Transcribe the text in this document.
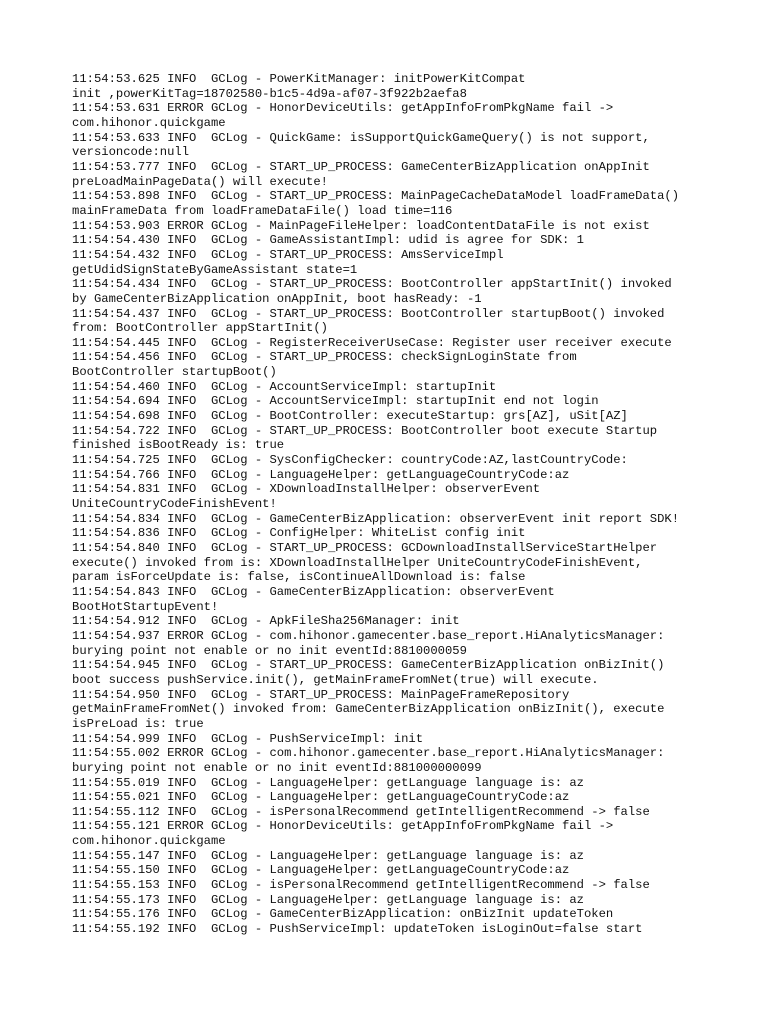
11:54:53.625 INFO  GCLog - PowerKitManager: initPowerKitCompat
init ,powerKitTag=18702580-b1c5-4d9a-af07-3f922b2aefa8
11:54:53.631 ERROR GCLog - HonorDeviceUtils: getAppInfoFromPkgName fail ->
com.hihonor.quickgame
11:54:53.633 INFO  GCLog - QuickGame: isSupportQuickGameQuery() is not support,
versioncode:null
11:54:53.777 INFO  GCLog - START_UP_PROCESS: GameCenterBizApplication onAppInit
preLoadMainPageData() will execute!
11:54:53.898 INFO  GCLog - START_UP_PROCESS: MainPageCacheDataModel loadFrameData()
mainFrameData from loadFrameDataFile() load time=116
11:54:53.903 ERROR GCLog - MainPageFileHelper: loadContentDataFile is not exist
11:54:54.430 INFO  GCLog - GameAssistantImpl: udid is agree for SDK: 1
11:54:54.432 INFO  GCLog - START_UP_PROCESS: AmsServiceImpl
getUdidSignStateByGameAssistant state=1
11:54:54.434 INFO  GCLog - START_UP_PROCESS: BootController appStartInit() invoked
by GameCenterBizApplication onAppInit, boot hasReady: -1
11:54:54.437 INFO  GCLog - START_UP_PROCESS: BootController startupBoot() invoked
from: BootController appStartInit()
11:54:54.445 INFO  GCLog - RegisterReceiverUseCase: Register user receiver execute
11:54:54.456 INFO  GCLog - START_UP_PROCESS: checkSignLoginState from
BootController startupBoot()
11:54:54.460 INFO  GCLog - AccountServiceImpl: startupInit
11:54:54.694 INFO  GCLog - AccountServiceImpl: startupInit end not login
11:54:54.698 INFO  GCLog - BootController: executeStartup: grs[AZ], uSit[AZ]
11:54:54.722 INFO  GCLog - START_UP_PROCESS: BootController boot execute Startup
finished isBootReady is: true
11:54:54.725 INFO  GCLog - SysConfigChecker: countryCode:AZ,lastCountryCode:
11:54:54.766 INFO  GCLog - LanguageHelper: getLanguageCountryCode:az
11:54:54.831 INFO  GCLog - XDownloadInstallHelper: observerEvent
UniteCountryCodeFinishEvent!
11:54:54.834 INFO  GCLog - GameCenterBizApplication: observerEvent init report SDK!
11:54:54.836 INFO  GCLog - ConfigHelper: WhiteList config init
11:54:54.840 INFO  GCLog - START_UP_PROCESS: GCDownloadInstallServiceStartHelper
execute() invoked from is: XDownloadInstallHelper UniteCountryCodeFinishEvent,
param isForceUpdate is: false, isContinueAllDownload is: false
11:54:54.843 INFO  GCLog - GameCenterBizApplication: observerEvent
BootHotStartupEvent!
11:54:54.912 INFO  GCLog - ApkFileSha256Manager: init
11:54:54.937 ERROR GCLog - com.hihonor.gamecenter.base_report.HiAnalyticsManager:
burying point not enable or no init eventId:8810000059
11:54:54.945 INFO  GCLog - START_UP_PROCESS: GameCenterBizApplication onBizInit()
boot success pushService.init(), getMainFrameFromNet(true) will execute.
11:54:54.950 INFO  GCLog - START_UP_PROCESS: MainPageFrameRepository
getMainFrameFromNet() invoked from: GameCenterBizApplication onBizInit(), execute
isPreLoad is: true
11:54:54.999 INFO  GCLog - PushServiceImpl: init
11:54:55.002 ERROR GCLog - com.hihonor.gamecenter.base_report.HiAnalyticsManager:
burying point not enable or no init eventId:881000000099
11:54:55.019 INFO  GCLog - LanguageHelper: getLanguage language is: az
11:54:55.021 INFO  GCLog - LanguageHelper: getLanguageCountryCode:az
11:54:55.112 INFO  GCLog - isPersonalRecommend getIntelligentRecommend -> false
11:54:55.121 ERROR GCLog - HonorDeviceUtils: getAppInfoFromPkgName fail ->
com.hihonor.quickgame
11:54:55.147 INFO  GCLog - LanguageHelper: getLanguage language is: az
11:54:55.150 INFO  GCLog - LanguageHelper: getLanguageCountryCode:az
11:54:55.153 INFO  GCLog - isPersonalRecommend getIntelligentRecommend -> false
11:54:55.173 INFO  GCLog - LanguageHelper: getLanguage language is: az
11:54:55.176 INFO  GCLog - GameCenterBizApplication: onBizInit updateToken
11:54:55.192 INFO  GCLog - PushServiceImpl: updateToken isLoginOut=false start
